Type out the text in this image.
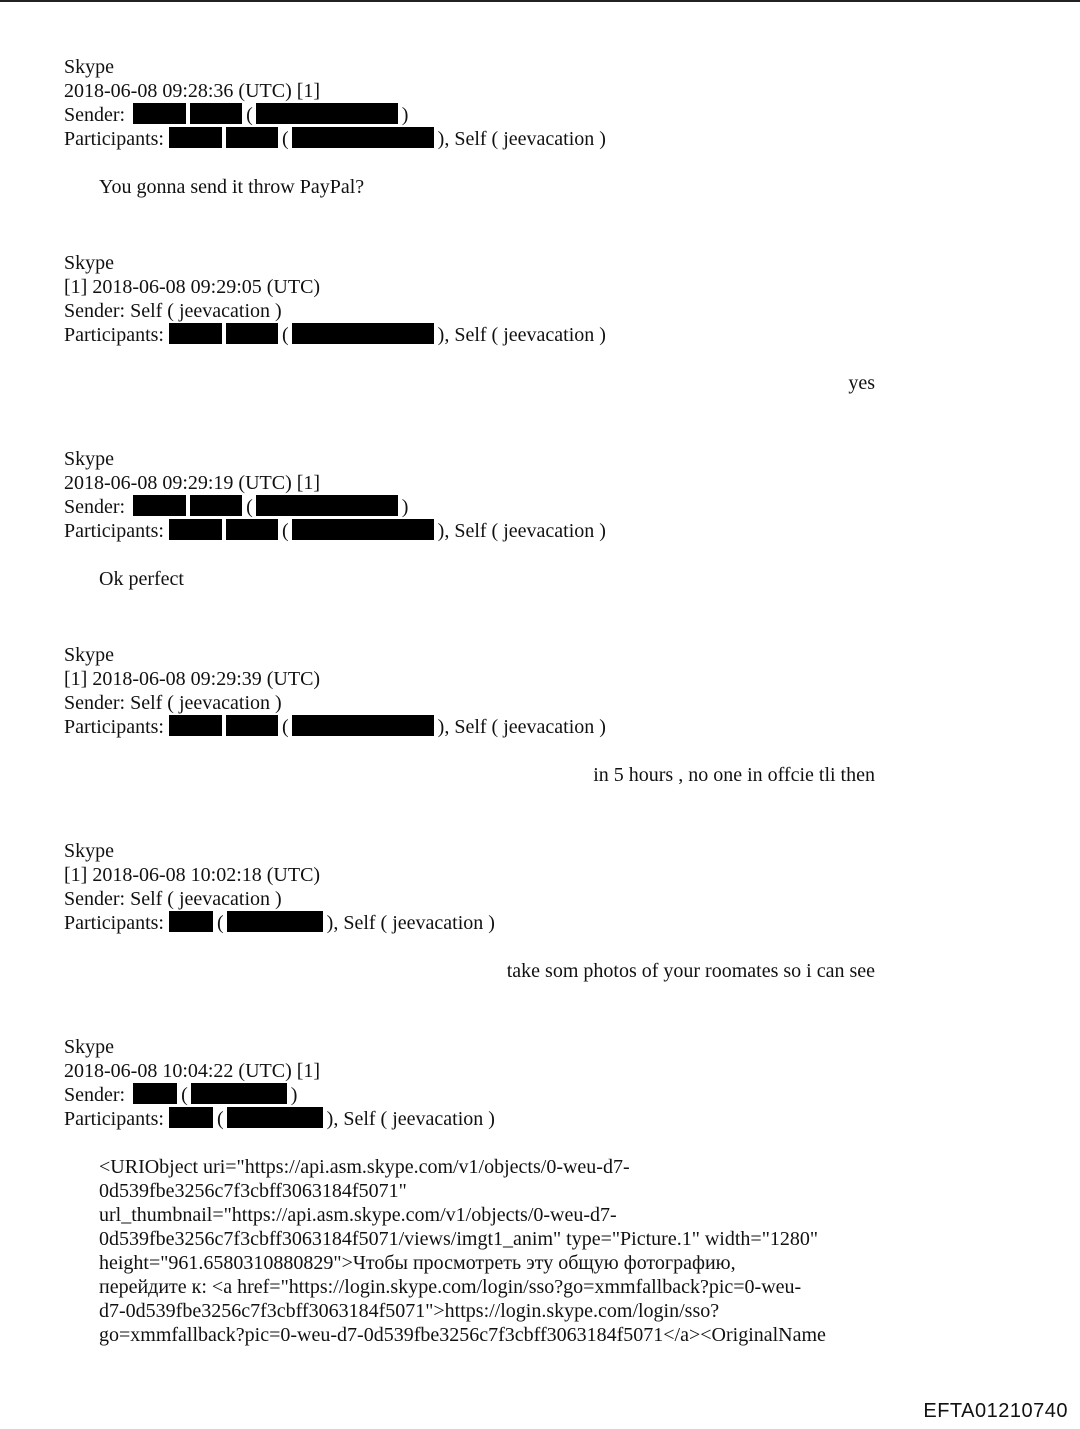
Skype
2018-06-08 09:28:36 (UTC) [1]
Sender:	(	)
Participants:	(	), Self ( jeevacation )
You gonna send it throw PayPal?
Skype
[1] 2018-06-08 09:29:05 (UTC)
Sender: Self ( jeevacation )
Participants:	(	), Self ( jeevacation )
yes
Skype
2018-06-08 09:29:19 (UTC) [1]
Sender:	(	)
Participants:	(	), Self ( jeevacation )
Ok perfect
Skype
[1] 2018-06-08 09:29:39 (UTC)
Sender: Self ( jeevacation )
Participants:	(	), Self ( jeevacation )
in 5 hours , no one in offcie tli then
Skype
[1] 2018-06-08 10:02:18 (UTC)
Sender: Self ( jeevacation )
Participants:	(	), Self ( jeevacation )
take som photos of your roomates so i can see
Skype
2018-06-08 10:04:22 (UTC) [1]
Sender:	(	)
Participants:	(	), Self ( jeevacation )
<URIObject uri="https://api.asm.skype.com/v1/objects/0-weu-d7-
0d539fbe3256c7f3cbff3063184f5071"
url_thumbnail="https://api.asm.skype.com/v1/objects/0-weu-d7-
0d539fbe3256c7f3cbff3063184f5071/views/imgt1_anim" type="Picture.1" width="1280"
height="961.6580310880829">Чтобы просмотреть эту общую фотографию,
перейдите к: <a href="https://login.skype.com/login/sso?go=xmmfallback?pic=0-weu-
d7-0d539fbe3256c7f3cbff3063184f5071">https://login.skype.com/login/sso?
go=xmmfallback?pic=0-weu-d7-0d539fbe3256c7f3cbff3063184f5071</a><OriginalName
EFTA01210740
